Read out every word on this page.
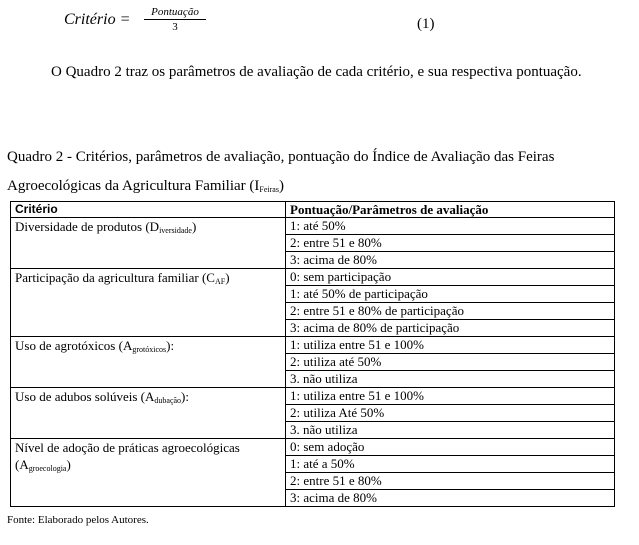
Critério =	Pontuação
3	(1)

O Quadro 2 traz os parâmetros de avaliação de cada critério, e sua respectiva pontuação.

Quadro 2 - Critérios, parâmetros de avaliação, pontuação do Índice de Avaliação das Feiras Agroecológicas da Agricultura Familiar $(I_{Feiras})$

Critério	Pontuação/Parâmetros de avaliação

Diversidade de produtos $(D_{iversidade})$	1: até 50%
2: entre 51 e 80%
3: acima de 80%

Participação da agricultura familiar $(C_{AF})$	0: sem participação
1: até 50% de participação
2: entre 51 e 80% de participação
3: acima de 80% de participação

Uso de agrotóxicos $(A_{grotóxicos})$:	1: utiliza entre 51 e 100%
2: utiliza até 50%
3. não utiliza

Uso de adubos solúveis $(A_{dubação})$:	1: utiliza entre 51 e 100%
2: utiliza Até 50%
3. não utiliza

Nível de adoção de práticas agroecológicas $(A_{groecologia})$	0: sem adoção
1: até a 50%
2: entre 51 e 80%
3: acima de 80%
Fonte: Elaborado pelos Autores.
